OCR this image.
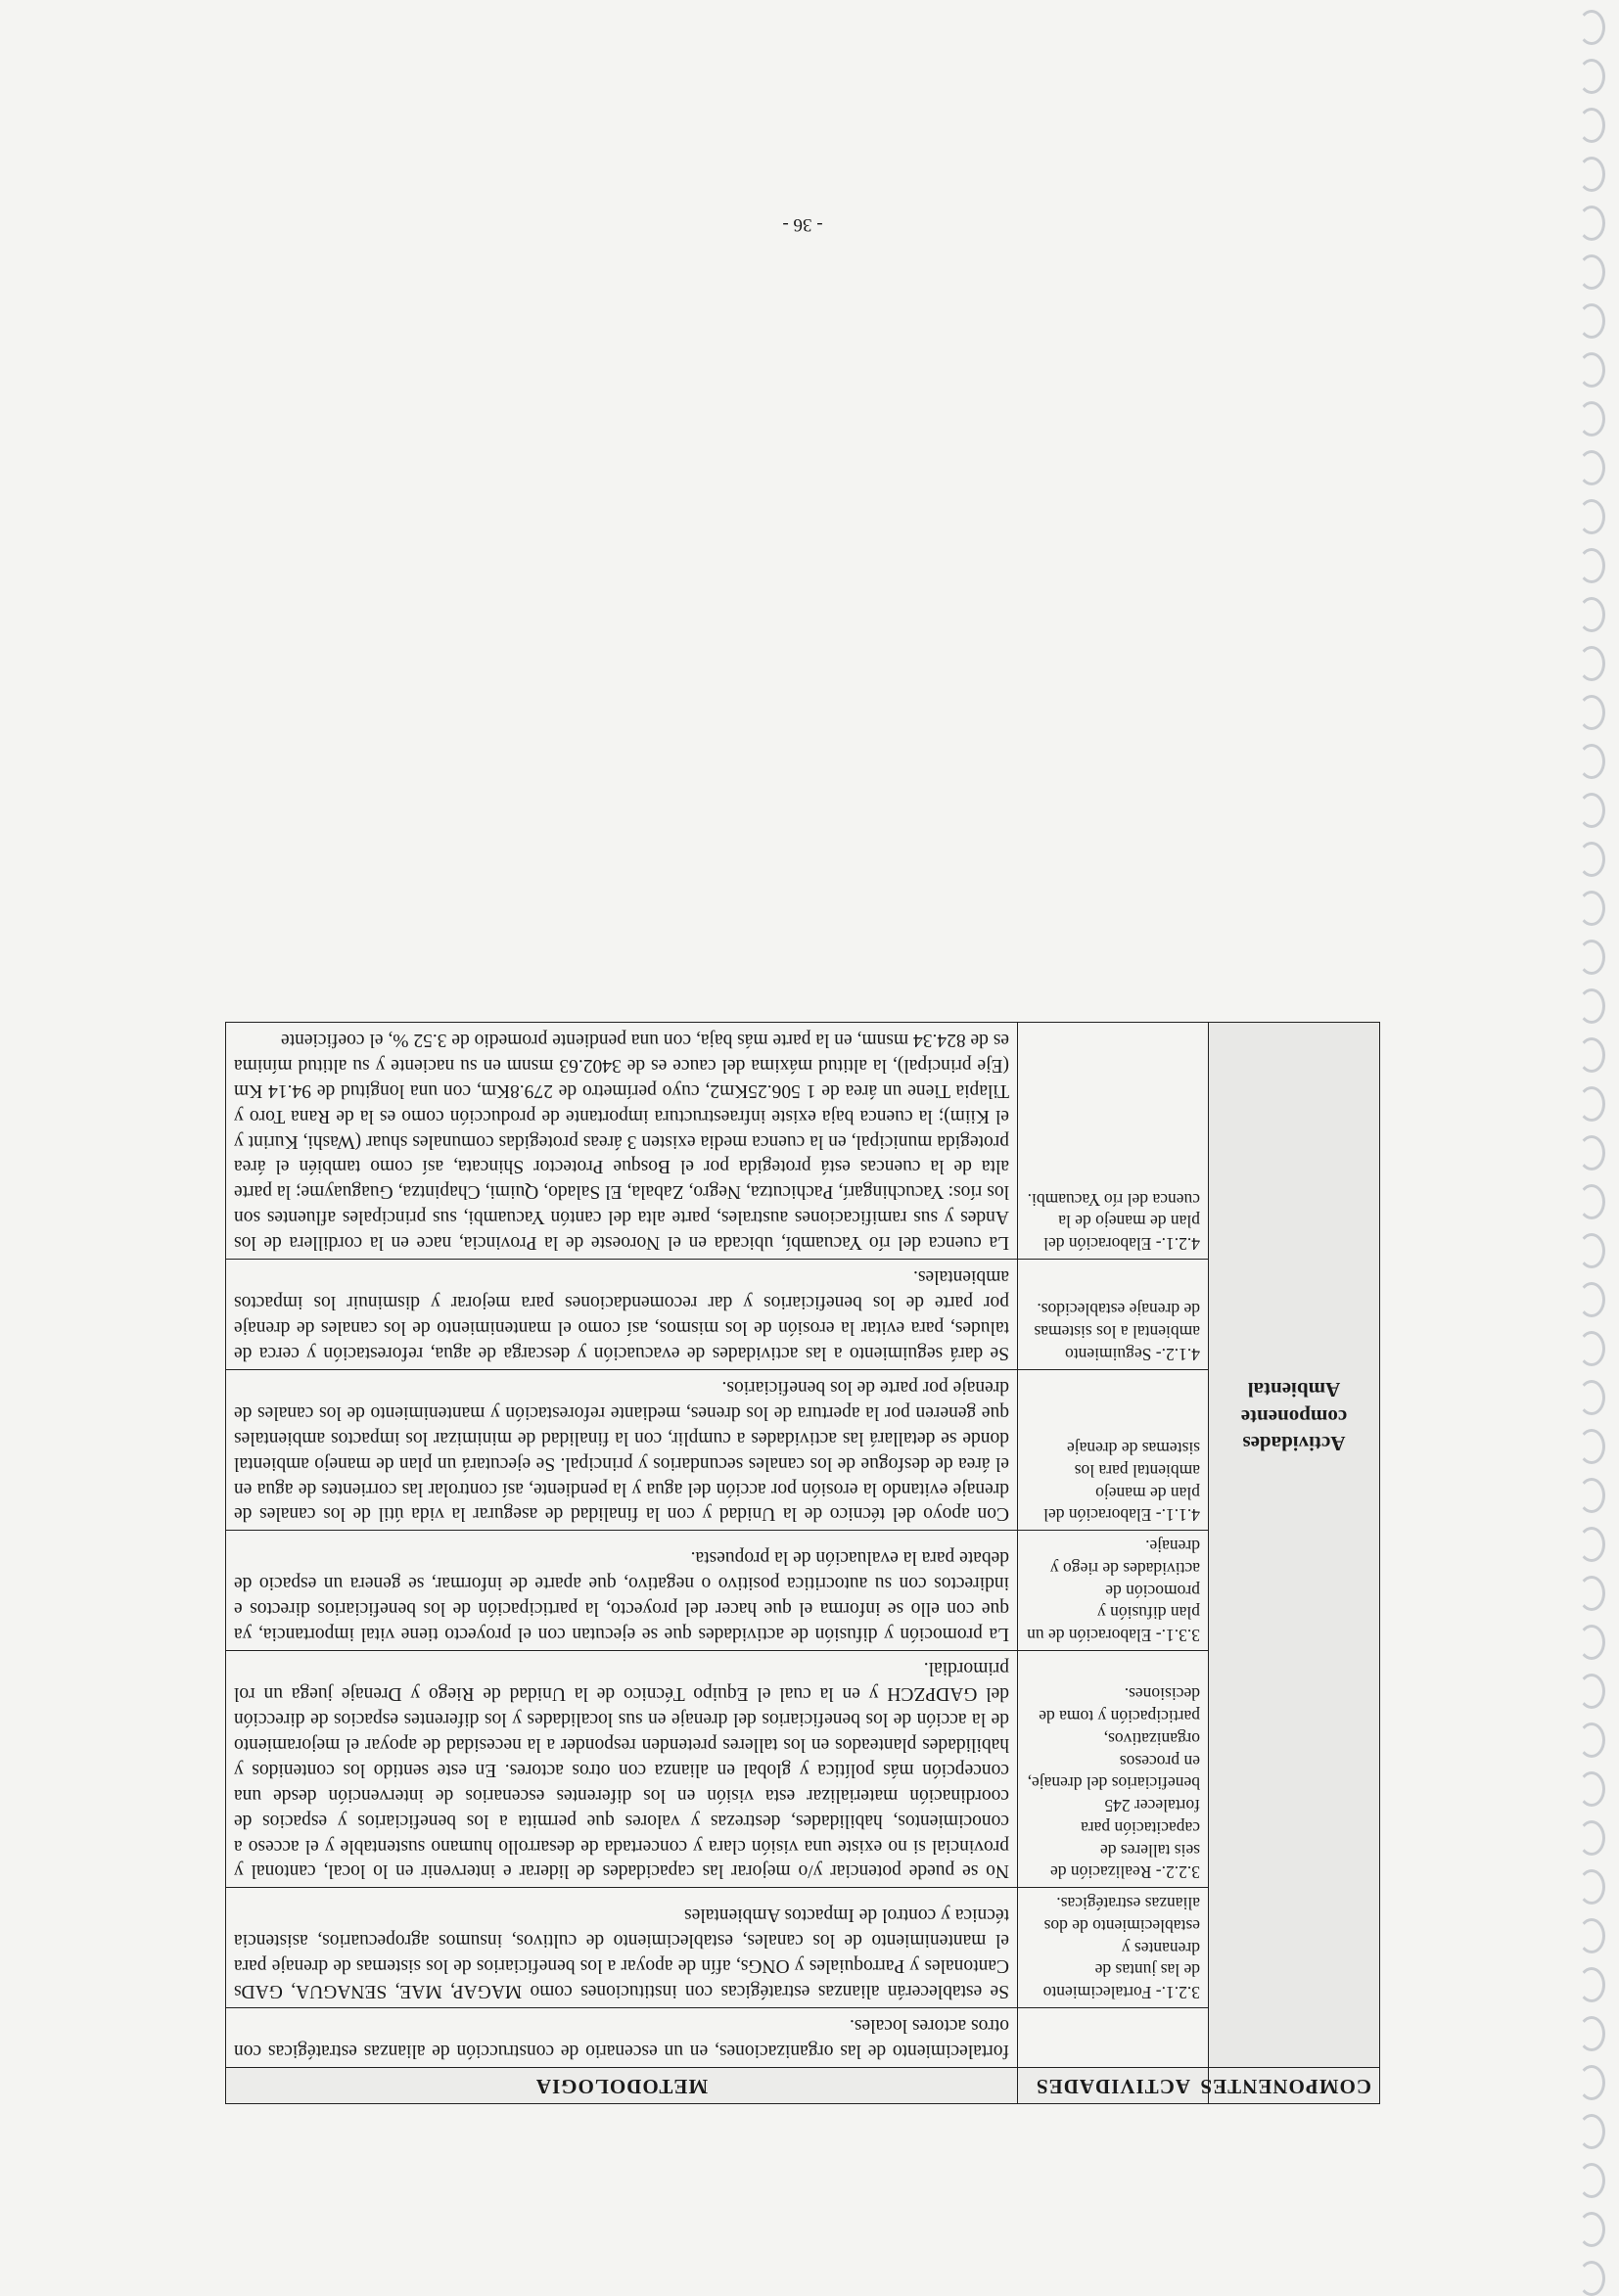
COMPONENTES	ACTIVIDADES	METODOLOGIA

Actividades componente Ambiental		fortalecimiento de las organizaciones, en un escenario de construcción de alianzas estratégicas con otros actores locales.
	3.2.1.- Fortalecimiento de las juntas de drenantes y establecimiento de dos alianzas estratégicas.	Se establecerán alianzas estratégicas con instituciones como MAGAP, MAE, SENAGUA, GADs Cantonales y Parroquiales y ONGs, afín de apoyar a los beneficiarios de los sistemas de drenaje para el mantenimiento de los canales, establecimiento de cultivos, insumos agropecuarios, asistencia técnica y control de Impactos Ambientales
	3.2.2.- Realización de seis talleres de capacitación para fortalecer 245 beneficiarios del drenaje, en procesos organizativos, participación y toma de decisiones.	No se puede potenciar y/o mejorar las capacidades de liderar e intervenir en lo local, cantonal y provincial si no existe una visión clara y concertada de desarrollo humano sustentable y el acceso a conocimientos, habilidades, destrezas y valores que permita a los beneficiarios y espacios de coordinación materializar esta visión en los diferentes escenarios de intervención desde una concepción más política y global en alianza con otros actores. En este sentido los contenidos y habilidades planteados en los talleres pretenden responder a la necesidad de apoyar el mejoramiento de la acción de los beneficiarios del drenaje en sus localidades y los diferentes espacios de dirección del GADPZCH y en la cual el Equipo Técnico de la Unidad de Riego y Drenaje juega un rol primordial.
	3.3.1.- Elaboración de un plan difusión y promoción de actividades de riego y drenaje.	La promoción y difusión de actividades que se ejecutan con el proyecto tiene vital importancia, ya que con ello se informa el que hacer del proyecto, la participación de los beneficiarios directos e indirectos con su autocritica positivo o negativo, que aparte de informar, se genera un espacio de debate para la evaluación de la propuesta.
	4.1.1.- Elaboración del plan de manejo ambiental para los sistemas de drenaje	Con apoyo del técnico de la Unidad y con la finalidad de asegurar la vida útil de los canales de drenaje evitando la erosión por acción del agua y la pendiente, así controlar las corrientes de agua en el área de desfogue de los canales secundarios y principal. Se ejecutará un plan de manejo ambiental donde se detallará las actividades a cumplir, con la finalidad de minimizar los impactos ambientales que generen por la apertura de los drenes, mediante reforestación y mantenimiento de los canales de drenaje por parte de los beneficiarios.
	4.1.2.- Seguimiento ambiental a los sistemas de drenaje establecidos.	Se dará seguimiento a las actividades de evacuación y descarga de agua, reforestación y cerca de taludes, para evitar la erosión de los mismos, así como el mantenimiento de los canales de drenaje por parte de los beneficiarios y dar recomendaciones para mejorar y disminuir los impactos ambientales.
	4.2.1.- Elaboración del plan de manejo de la cuenca del río Yacuambi.	La cuenca del río Yacuambí, ubicada en el Noroeste de la Provincia, nace en la cordillera de los Andes y sus ramificaciones australes, parte alta del cantón Yacuambi, sus principales afluentes son los ríos: Yacuchingarí, Pachicutza, Negro, Zabala, El Salado, Quimi, Chapintza, Guaguayme; la parte alta de la cuencas está protegida por el Bosque Protector Shincata, así como también el área protegida municipal, en la cuenca media existen 3 áreas protegidas comunales shuar (Washi, Kurint y el Kiim); la cuenca baja existe infraestructura importante de producción como es la de Rana Toro y Tilapia Tiene un área de 1 506.25Km2, cuyo perímetro de 279.8Km, con una longitud de 94.14 Km (Eje principal), la altitud máxima del cauce es de 3402.63 msnm en su naciente y su altitud mínima es de 824.34 msnm, en la parte más baja, con una pendiente promedio de 3.52 %, el coeficiente
- 36 -
